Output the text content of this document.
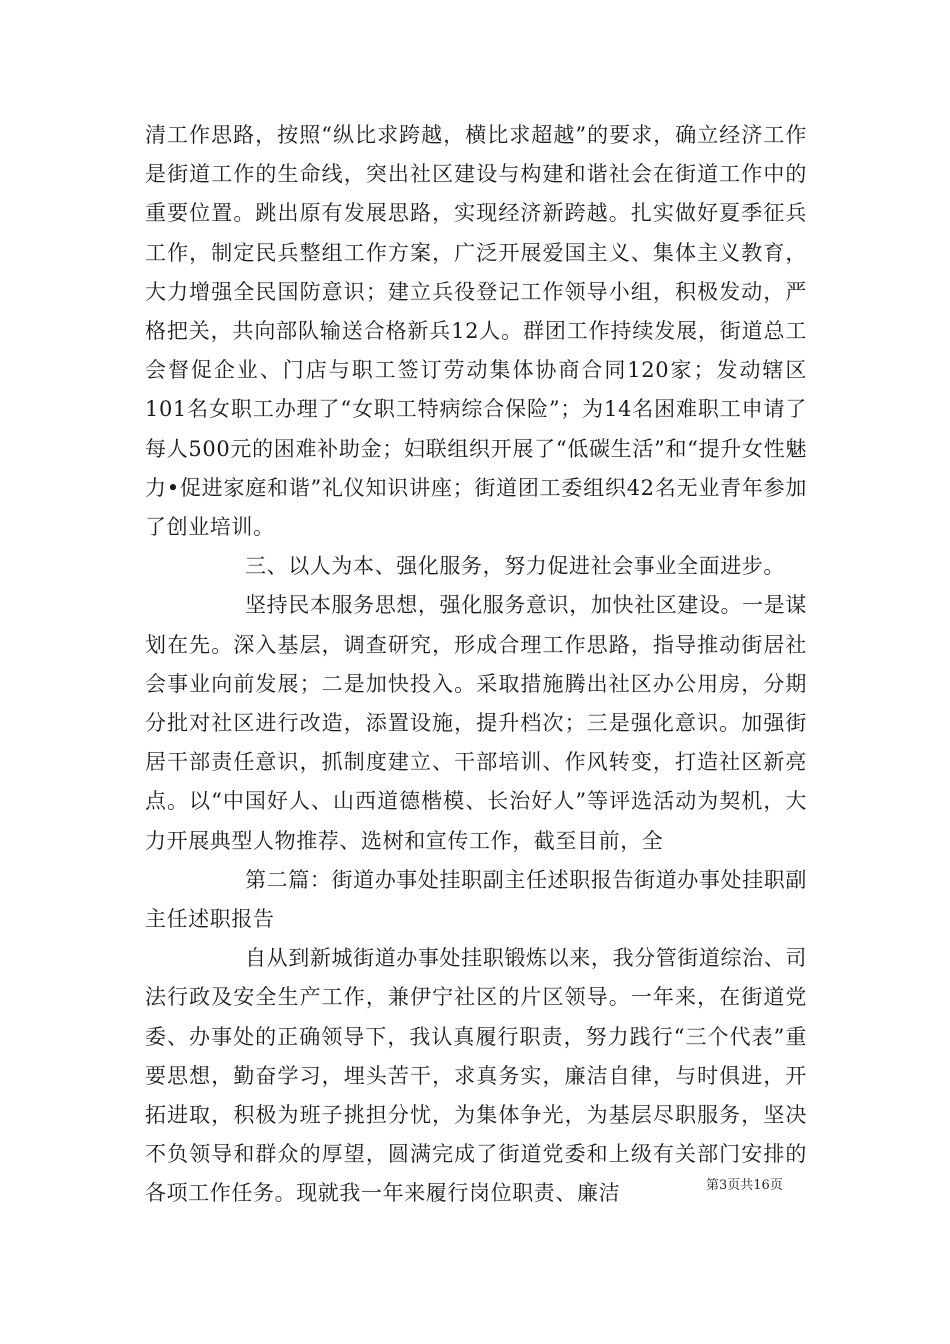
清工作思路，按照“纵比求跨越，横比求超越”的要求，确立经济工作是街道工作的生命线，突出社区建设与构建和谐社会在街道工作中的重要位置。跳出原有发展思路，实现经济新跨越。扎实做好夏季征兵工作，制定民兵整组工作方案，广泛开展爱国主义、集体主义教育，大力增强全民国防意识；建立兵役登记工作领导小组，积极发动，严格把关，共向部队输送合格新兵12人。群团工作持续发展，街道总工会督促企业、门店与职工签订劳动集体协商合同120家；发动辖区101名女职工办理了“女职工特病综合保险”；为14名困难职工申请了每人500元的困难补助金；妇联组织开展了“低碳生活”和“提升女性魅力•促进家庭和谐”礼仪知识讲座；街道团工委组织42名无业青年参加了创业培训。

三、以人为本、强化服务，努力促进社会事业全面进步。

坚持民本服务思想，强化服务意识，加快社区建设。一是谋划在先。深入基层，调查研究，形成合理工作思路，指导推动街居社会事业向前发展；二是加快投入。采取措施腾出社区办公用房，分期分批对社区进行改造，添置设施，提升档次；三是强化意识。加强街居干部责任意识，抓制度建立、干部培训、作风转变，打造社区新亮点。以“中国好人、山西道德楷模、长治好人”等评选活动为契机，大力开展典型人物推荐、选树和宣传工作，截至目前，全

第二篇：街道办事处挂职副主任述职报告街道办事处挂职副主任述职报告

自从到新城街道办事处挂职锻炼以来，我分管街道综治、司法行政及安全生产工作，兼伊宁社区的片区领导。一年来，在街道党委、办事处的正确领导下，我认真履行职责，努力践行“三个代表”重要思想，勤奋学习，埋头苦干，求真务实，廉洁自律，与时俱进，开拓进取，积极为班子挑担分忧，为集体争光，为基层尽职服务，坚决不负领导和群众的厚望，圆满完成了街道党委和上级有关部门安排的各项工作任务。现就我一年来履行岗位职责、廉洁	第3页共16页
